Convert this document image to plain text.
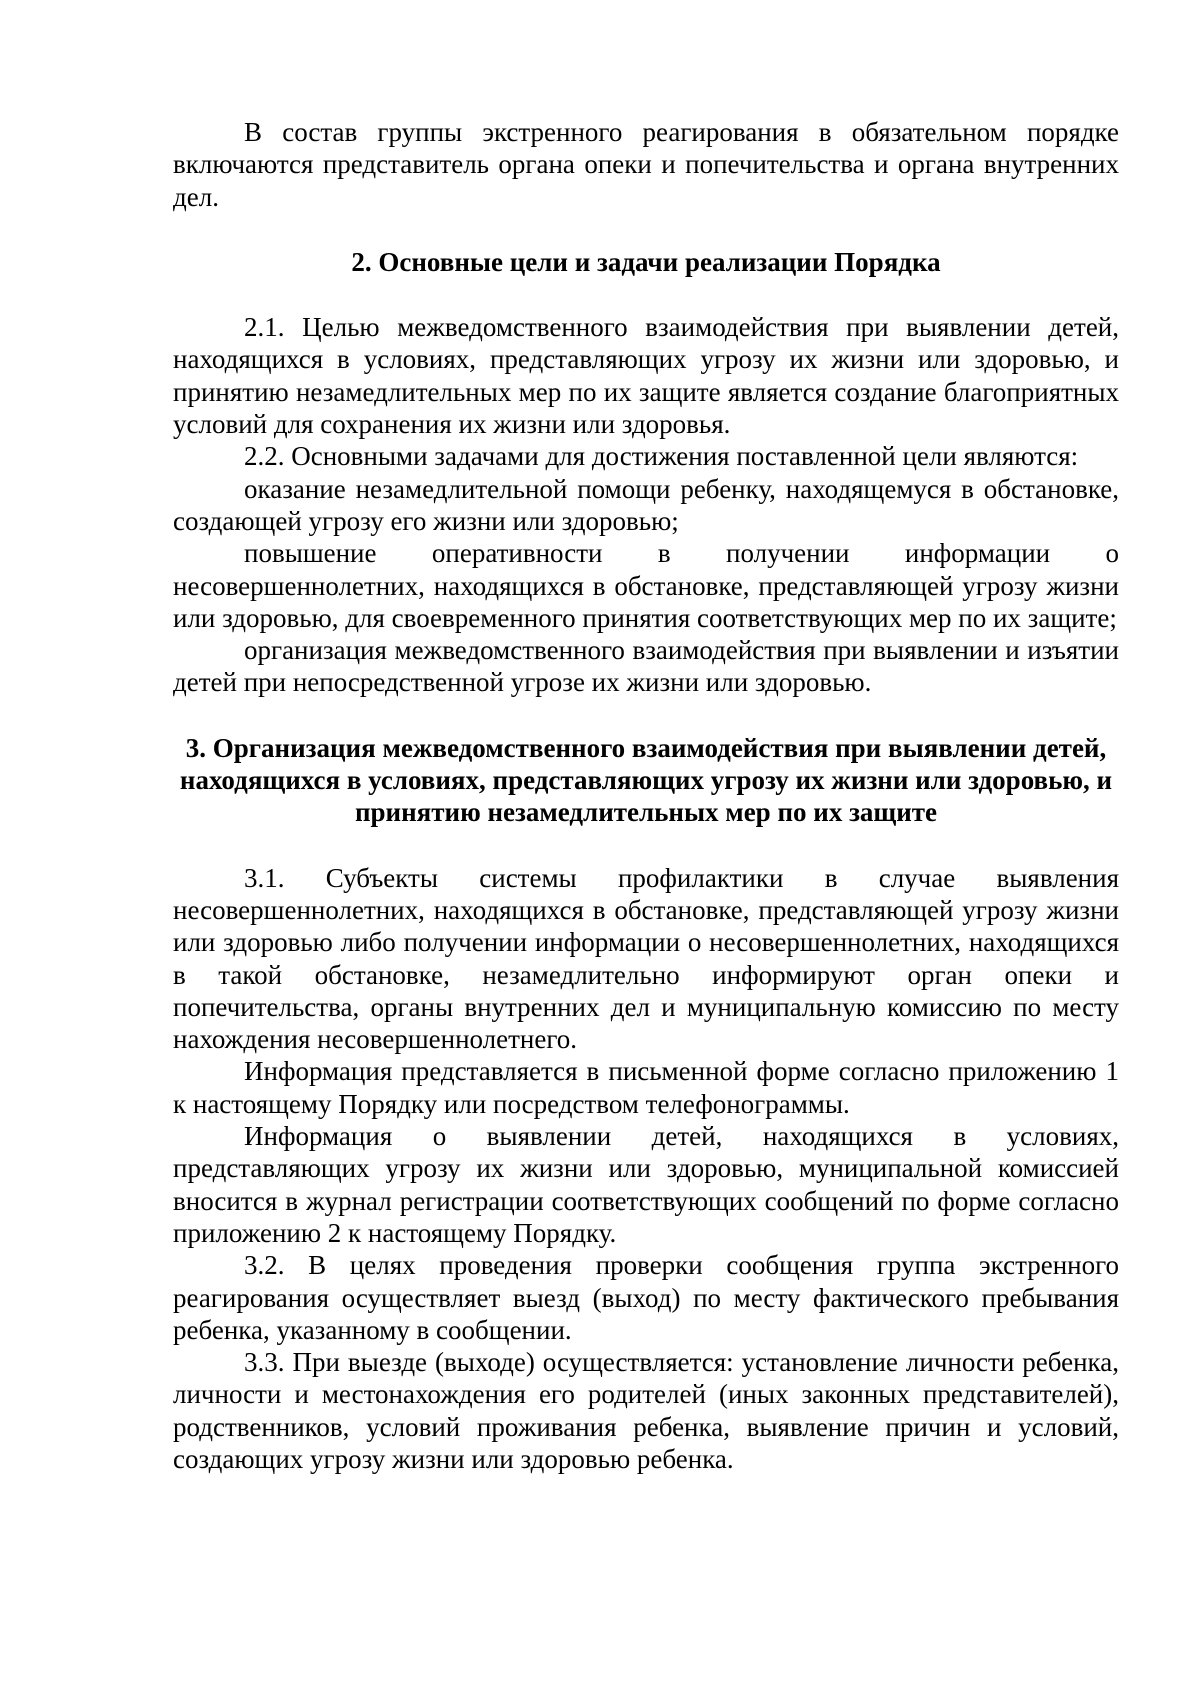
В состав группы экстренного реагирования в обязательном порядке включаются представитель органа опеки и попечительства и органа внутренних дел.

2. Основные цели и задачи реализации Порядка

2.1. Целью межведомственного взаимодействия при выявлении детей, находящихся в условиях, представляющих угрозу их жизни или здоровью, и принятию незамедлительных мер по их защите является создание благоприятных условий для сохранения их жизни или здоровья.

2.2. Основными задачами для достижения поставленной цели являются:

оказание незамедлительной помощи ребенку, находящемуся в обстановке, создающей угрозу его жизни или здоровью;

повышение оперативности в получении информации о несовершеннолетних, находящихся в обстановке, представляющей угрозу жизни или здоровью, для своевременного принятия соответствующих мер по их защите;

организация межведомственного взаимодействия при выявлении и изъятии детей при непосредственной угрозе их жизни или здоровью.

3. Организация межведомственного взаимодействия при выявлении детей, находящихся в условиях, представляющих угрозу их жизни или здоровью, и принятию незамедлительных мер по их защите

3.1. Субъекты системы профилактики в случае выявления несовершеннолетних, находящихся в обстановке, представляющей угрозу жизни или здоровью либо получении информации о несовершеннолетних, находящихся в такой обстановке, незамедлительно информируют орган опеки и попечительства, органы внутренних дел и муниципальную комиссию по месту нахождения несовершеннолетнего.

Информация представляется в письменной форме согласно приложению 1 к настоящему Порядку или посредством телефонограммы.

Информация о выявлении детей, находящихся в условиях, представляющих угрозу их жизни или здоровью, муниципальной комиссией вносится в журнал регистрации соответствующих сообщений по форме согласно приложению 2 к настоящему Порядку.

3.2. В целях проведения проверки сообщения группа экстренного реагирования осуществляет выезд (выход) по месту фактического пребывания ребенка, указанному в сообщении.

3.3. При выезде (выходе) осуществляется: установление личности ребенка, личности и местонахождения его родителей (иных законных представителей), родственников, условий проживания ребенка, выявление причин и условий, создающих угрозу жизни или здоровью ребенка.
